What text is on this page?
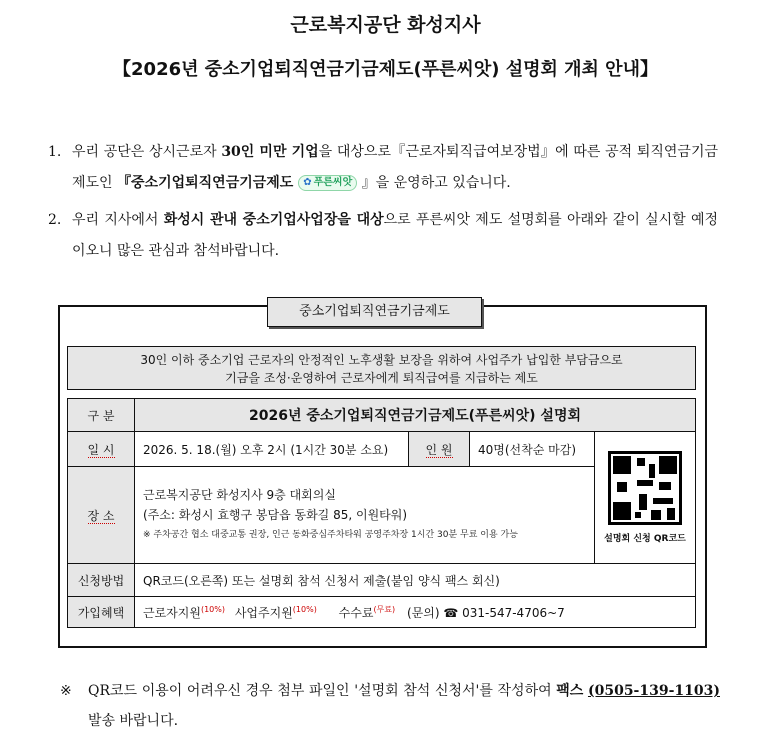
근로복지공단 화성지사
【2026년 중소기업퇴직연금기금제도(푸른씨앗) 설명회 개최 안내】
1. 우리 공단은 상시근로자 30인 미만 기업을 대상으로『근로자퇴직급여보장법』에 따른 공적 퇴직연금기금제도인 『중소기업퇴직연금기금제도 ✿ 푸른씨앗 』을 운영하고 있습니다.
2. 우리 지사에서 화성시 관내 중소기업사업장을 대상으로 푸른씨앗 제도 설명회를 아래와 같이 실시할 예정이오니 많은 관심과 참석바랍니다.
중소기업퇴직연금기금제도
30인 이하 중소기업 근로자의 안정적인 노후생활 보장을 위하여 사업주가 납입한 부담금으로
기금을 조성·운영하여 근로자에게 퇴직급여를 지급하는 제도
구 분	2026년 중소기업퇴직연금기금제도(푸른씨앗) 설명회			
일 시	2026. 5. 18.(월) 오후 2시 (1시간 30분 소요)	인 원	40명(선착순 마감)	설명회 신청 QR코드

장 소	근로복지공단 화성지사 9층 대회의실
(주소: 화성시 효행구 봉담읍 동화길 85, 이원타워)
※ 주차공간 협소 대중교통 권장, 인근 동화중심주차타워 공영주차장 1시간 30분 무료 이용 가능			

신청방법	QR코드(오른쪽) 또는 설명회 참석 신청서 제출(붙임 양식 팩스 회신)			
가입혜택	근로자지원$^{(10\%)}$ 사업주지원$^{(10\%)}$ 수수료$^{(무료)}$ (문의) ☎ 031-547-4706~7			
※ QR코드 이용이 어려우신 경우 첨부 파일인 '설명회 참석 신청서'를 작성하여 팩스 (0505-139-1103)발송 바랍니다.
